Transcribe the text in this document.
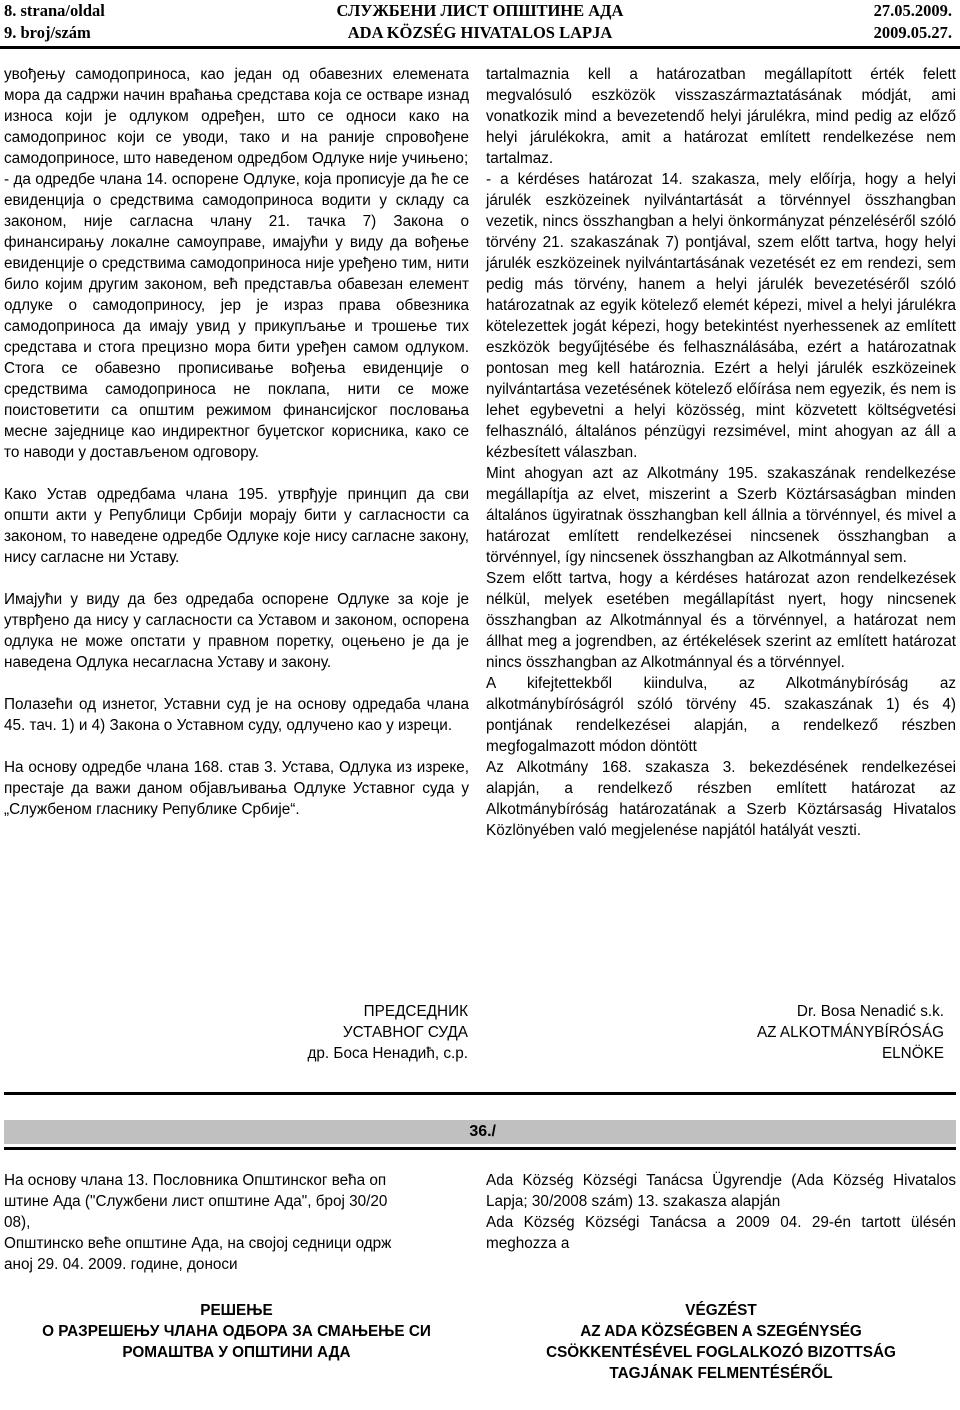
8. strana/oldal
9. broj/szám
СЛУЖБЕНИ ЛИСТ ОПШТИНЕ АДА
ADA KÖZSÉG HIVATALOS LAPJA
27.05.2009.
2009.05.27.

увођењу самодоприноса, као један од обавезних елемената мора да садржи начин враћања средстава која се остваре изнад износа који је одлуком одређен, што се односи како на самодопринос који се уводи, тако и на раније спровођене самодоприносе, што наведеном одредбом Одлуке није учињено;

- да одредбе члана 14. оспорене Одлуке, која прописује да ће се евиденција о средствима самодоприноса водити у складу са законом, није сагласна члану 21. тачка 7) Закона о финансирању локалне самоуправе, имајући у виду да вођење евиденције о средствима самодоприноса није уређено тим, нити било којим другим законом, већ представља обавезан елемент одлуке о самодоприносу, јер је израз права обвезника самодоприноса да имају увид у прикупљање и трошење тих средстава и стога прецизно мора бити уређен самом одлуком. Стога се обавезно прописивање вођења евиденције о средствима самодоприноса не поклапа, нити се може поистоветити са општим режимом финансијског пословања месне заједнице као индиректног буџетског корисника, како се то наводи у достављеном одговору.

Како Устав одредбама члана 195. утврђује принцип да сви општи акти у Републици Србији морају бити у сагласности са законом, то наведене одредбе Одлуке које нису сагласне закону, нису сагласне ни Уставу.

Имајући у виду да без одредаба оспорене Одлуке за које је утврђено да нису у сагласности са Уставом и законом, оспорена одлука не може опстати у правном поретку, оцењено је да је наведена Одлука несагласна Уставу и закону.

Полазећи од изнетог, Уставни суд је на основу одредаба члана 45. тач. 1) и 4) Закона о Уставном суду, одлучено као у изреци.

На основу одредбе члана 168. став 3. Устава, Одлука из изреке, престаје да важи даном објављивања Одлуке Уставног суда у „Службеном гласнику Републике Србије“.

tartalmaznia kell a határozatban megállapított érték felett megvalósuló eszközök visszaszármaztatásának módját, ami vonatkozik mind a bevezetendő helyi járulékra, mind pedig az előző helyi járulékokra, amit a határozat említett rendelkezése nem tartalmaz.

- a kérdéses határozat 14. szakasza, mely előírja, hogy a helyi járulék eszközeinek nyilvántartását a törvénnyel összhangban vezetik, nincs összhangban a helyi önkormányzat pénzeléséről szóló törvény 21. szakaszának 7) pontjával, szem előtt tartva, hogy helyi járulék eszközeinek nyilvántartásának vezetését ez em rendezi, sem pedig más törvény, hanem a helyi járulék bevezetéséről szóló határozatnak az egyik kötelező elemét képezi, mivel a helyi járulékra kötelezettek jogát képezi, hogy betekintést nyerhessenek az említett eszközök begyűjtésébe és felhasználásába, ezért a határozatnak pontosan meg kell határoznia. Ezért a helyi járulék eszközeinek nyilvántartása vezetésének kötelező előírása nem egyezik, és nem is lehet egybevetni a helyi közösség, mint közvetett költségvetési felhasználó, általános pénzügyi rezsimével, mint ahogyan az áll a kézbesített válaszban.

Mint ahogyan azt az Alkotmány 195. szakaszának rendelkezése megállapítja az elvet, miszerint a Szerb Köztársaságban minden általános ügyiratnak összhangban kell állnia a törvénnyel, és mivel a határozat említett rendelkezései nincsenek összhangban a törvénnyel, így nincsenek összhangban az Alkotmánnyal sem.

Szem előtt tartva, hogy a kérdéses határozat azon rendelkezések nélkül, melyek esetében megállapítást nyert, hogy nincsenek összhangban az Alkotmánnyal és a törvénnyel, a határozat nem állhat meg a jogrendben, az értékelések szerint az említett határozat nincs összhangban az Alkotmánnyal és a törvénnyel.

A kifejtettekből kiindulva, az Alkotmánybíróság az alkotmánybíróságról szóló törvény 45. szakaszának 1) és 4) pontjának rendelkezései alapján, a rendelkező részben megfogalmazott módon döntött

Az Alkotmány 168. szakasza 3. bekezdésének rendelkezései alapján, a rendelkező részben említett határozat az Alkotmánybíróság határozatának a Szerb Köztársaság Hivatalos Közlönyében való megjelenése napjától hatályát veszti.

ПРЕДСЕДНИК
УСТАВНОГ СУДА
др. Боса Ненадић, с.р.
Dr. Bosa Nenadić s.k.
AZ ALKOTMÁNYBÍRÓSÁG
ELNÖKE
36./

На основу члана 13. Пословника Општинског већа оп

штине Ада ("Службени лист општине Ада", број 30/20

08),

Општинско веће општине Ада, на својој седници одрж

аној 29. 04. 2009. године, доноси

Ada Község Községi Tanácsa Ügyrendje (Ada Község Hivatalos Lapja; 30/2008 szám) 13. szakasza alapján

Ada Község Községi Tanácsa a 2009 04. 29-én tartott ülésén meghozza a

РЕШЕЊЕ
О РАЗРЕШЕЊУ ЧЛАНА ОДБОРА ЗА СМАЊЕЊЕ СИ
РОМАШТВА У ОПШТИНИ АДА
VÉGZÉST
AZ ADA KÖZSÉGBEN A SZEGÉNYSÉG
CSÖKKENTÉSÉVEL FOGLALKOZÓ BIZOTTSÁG
TAGJÁNAK FELMENTÉSÉRŐL
